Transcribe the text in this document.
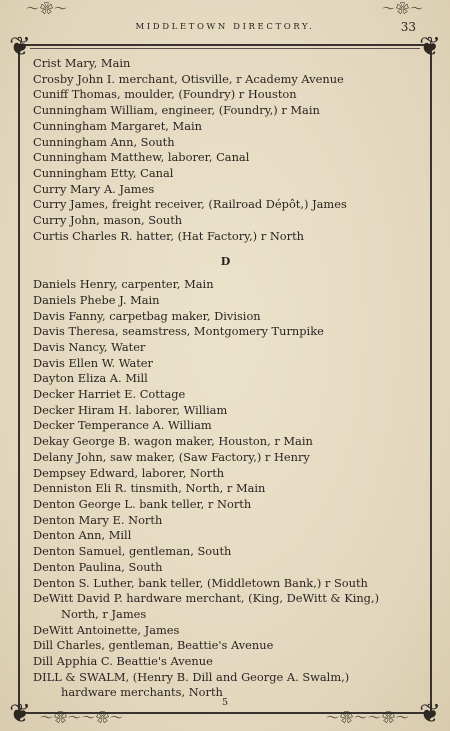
❦	❦
❦	❦
〜❀〜	〜❀〜
〜❀〜〜❀〜	〜❀〜〜❀〜
MIDDLETOWN DIRECTORY.	33
Crist Mary, Main
Crosby John I. merchant, Otisville, r Academy Avenue
Cuniff Thomas, moulder, (Foundry) r Houston
Cunningham William, engineer, (Foundry,) r Main
Cunningham Margaret, Main
Cunningham Ann, South
Cunningham Matthew, laborer, Canal
Cunningham Etty, Canal
Curry Mary A. James
Curry James, freight receiver, (Railroad Dépôt,) James
Curry John, mason, South
Curtis Charles R. hatter, (Hat Factory,) r North
D
Daniels Henry, carpenter, Main
Daniels Phebe J. Main
Davis Fanny, carpetbag maker, Division
Davis Theresa, seamstress, Montgomery Turnpike
Davis Nancy, Water
Davis Ellen W. Water
Dayton Eliza A. Mill
Decker Harriet E. Cottage
Decker Hiram H. laborer, William
Decker Temperance A. William
Dekay George B. wagon maker, Houston, r Main
Delany John, saw maker, (Saw Factory,) r Henry
Dempsey Edward, laborer, North
Denniston Eli R. tinsmith, North, r Main
Denton George L. bank teller, r North
Denton Mary E. North
Denton Ann, Mill
Denton Samuel, gentleman, South
Denton Paulina, South
Denton S. Luther, bank teller, (Middletown Bank,) r South
DeWitt David P. hardware merchant, (King, DeWitt & King,)
North, r James
DeWitt Antoinette, James
Dill Charles, gentleman, Beattie's Avenue
Dill Apphia C. Beattie's Avenue
DILL & SWALM, (Henry B. Dill and George A. Swalm,)
hardware merchants, North
5
